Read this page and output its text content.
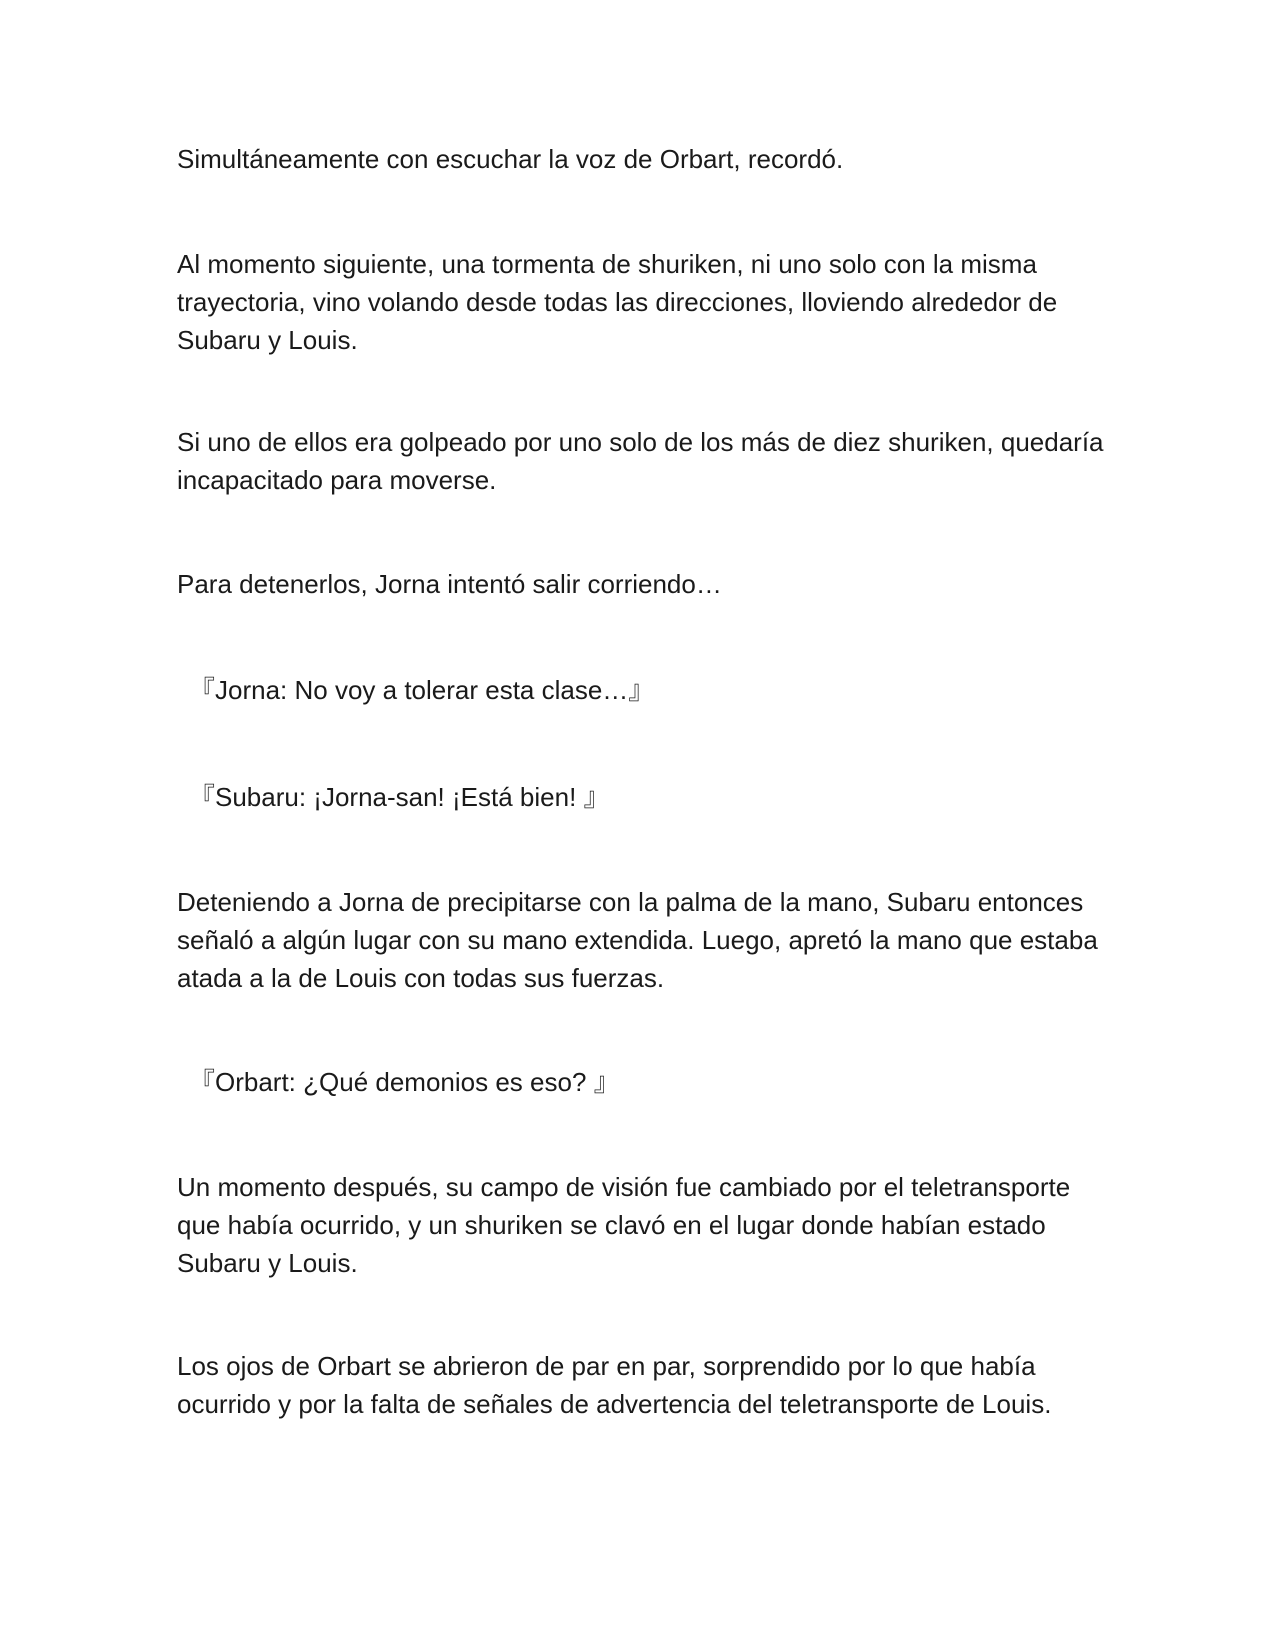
Simultáneamente con escuchar la voz de Orbart, recordó.

Al momento siguiente, una tormenta de shuriken, ni uno solo con la misma trayectoria, vino volando desde todas las direcciones, lloviendo alrededor de Subaru y Louis.

Si uno de ellos era golpeado por uno solo de los más de diez shuriken, quedaría incapacitado para moverse.

Para detenerlos, Jorna intentó salir corriendo…

『Jorna: No voy a tolerar esta clase…』

『Subaru: ¡Jorna-san! ¡Está bien! 』

Deteniendo a Jorna de precipitarse con la palma de la mano, Subaru entonces señaló a algún lugar con su mano extendida. Luego, apretó la mano que estaba atada a la de Louis con todas sus fuerzas.

『Orbart: ¿Qué demonios es eso? 』

Un momento después, su campo de visión fue cambiado por el teletransporte que había ocurrido, y un shuriken se clavó en el lugar donde habían estado Subaru y Louis.

Los ojos de Orbart se abrieron de par en par, sorprendido por lo que había ocurrido y por la falta de señales de advertencia del teletransporte de Louis.
